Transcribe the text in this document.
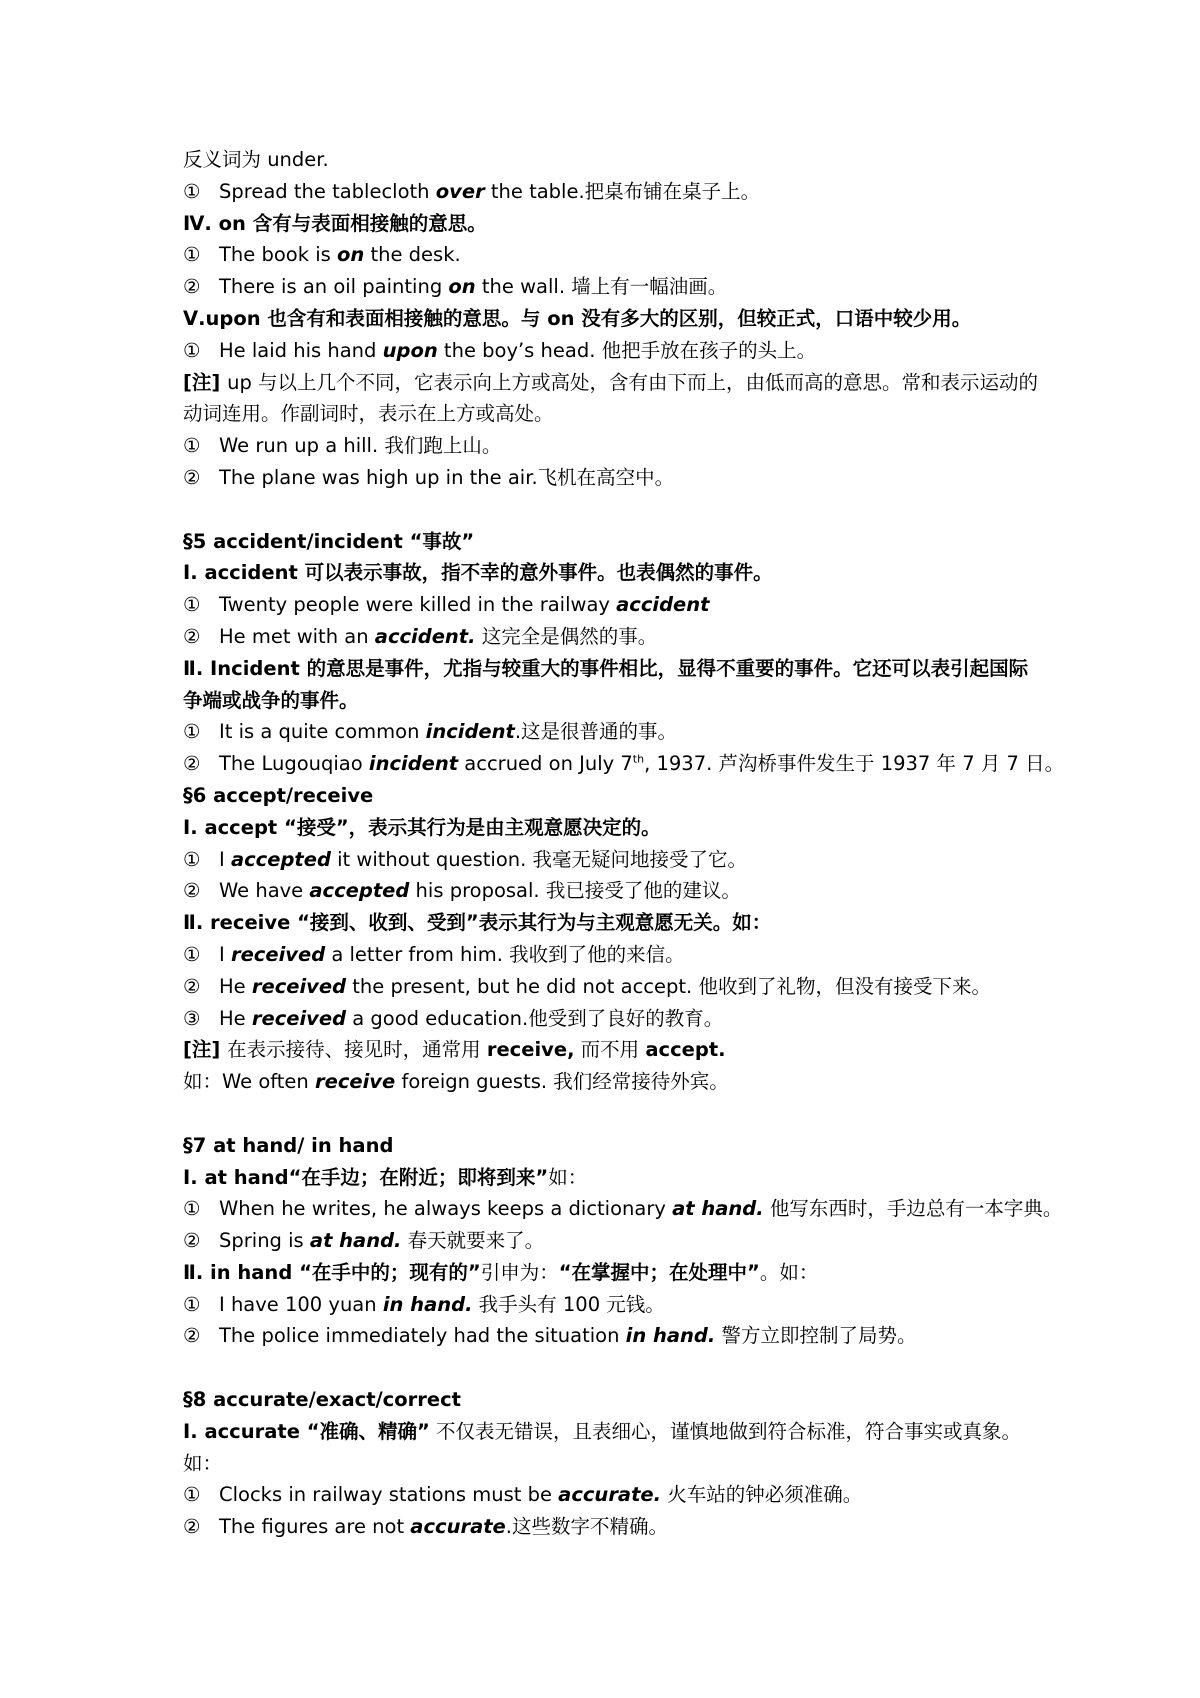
反义词为 under.
① Spread the tablecloth over the table.把桌布铺在桌子上。
Ⅳ. on 含有与表面相接触的意思。
① The book is on the desk.
② There is an oil painting on the wall. 墙上有一幅油画。
Ⅴ.upon 也含有和表面相接触的意思。与 on 没有多大的区别，但较正式，口语中较少用。
① He laid his hand upon the boy’s head. 他把手放在孩子的头上。
[注] up 与以上几个不同，它表示向上方或高处，含有由下而上，由低而高的意思。常和表示运动的动词连用。作副词时，表示在上方或高处。
① We run up a hill. 我们跑上山。
② The plane was high up in the air.飞机在高空中。
§5 accident/incident “事故”
Ⅰ. accident 可以表示事故，指不幸的意外事件。也表偶然的事件。
① Twenty people were killed in the railway accident
② He met with an accident. 这完全是偶然的事。
Ⅱ. Incident 的意思是事件，尤指与较重大的事件相比，显得不重要的事件。它还可以表引起国际争端或战争的事件。
① It is a quite common incident.这是很普通的事。
② The Lugouqiao incident accrued on July 7th, 1937. 芦沟桥事件发生于 1937 年 7 月 7 日。
§6 accept/receive
Ⅰ. accept “接受”，表示其行为是由主观意愿决定的。
① I accepted it without question. 我毫无疑问地接受了它。
② We have accepted his proposal. 我已接受了他的建议。
Ⅱ. receive “接到、收到、受到”表示其行为与主观意愿无关。如：
① I received a letter from him. 我收到了他的来信。
② He received the present, but he did not accept. 他收到了礼物，但没有接受下来。
③ He received a good education.他受到了良好的教育。
[注] 在表示接待、接见时，通常用 receive, 而不用 accept.
如：We often receive foreign guests. 我们经常接待外宾。
§7 at hand/ in hand
Ⅰ. at hand“在手边；在附近；即将到来”如：
① When he writes, he always keeps a dictionary at hand. 他写东西时，手边总有一本字典。
② Spring is at hand. 春天就要来了。
Ⅱ. in hand “在手中的；现有的”引申为：“在掌握中；在处理中”。如：
① I have 100 yuan in hand. 我手头有 100 元钱。
② The police immediately had the situation in hand. 警方立即控制了局势。
§8 accurate/exact/correct
Ⅰ. accurate “准确、精确” 不仅表无错误，且表细心，谨慎地做到符合标准，符合事实或真象。如：
① Clocks in railway stations must be accurate. 火车站的钟必须准确。
② The figures are not accurate.这些数字不精确。
